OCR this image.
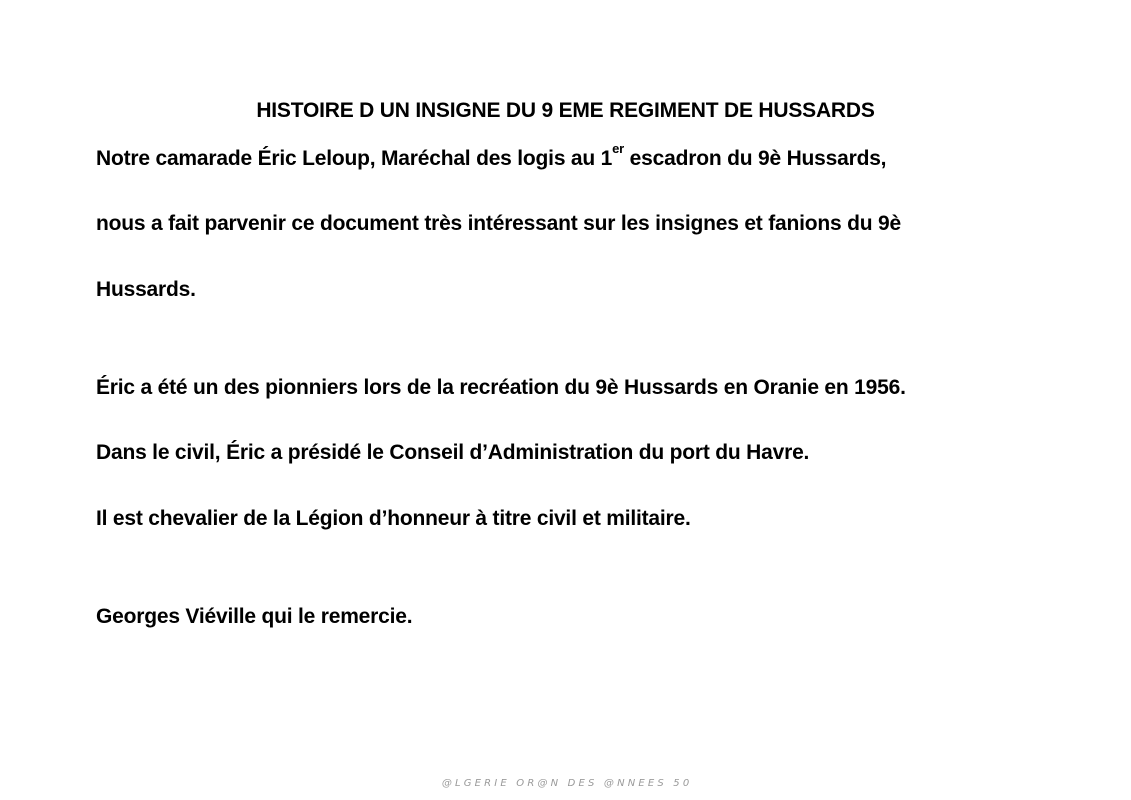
HISTOIRE D UN INSIGNE DU 9 EME REGIMENT DE HUSSARDS
Notre camarade Éric Leloup, Maréchal des logis au 1er escadron du 9è Hussards,
nous a fait parvenir ce document très intéressant sur les insignes et fanions du 9è
Hussards.
Éric a été un des pionniers lors de la recréation du 9è Hussards en Oranie en 1956.
Dans le civil, Éric a présidé le Conseil d’Administration du port du Havre.
Il est chevalier de la Légion d’honneur à titre civil et militaire.
Georges Viéville qui le remercie.
@ L G E R I E   O R @ N   D E S   @ N N E E S   5 0
